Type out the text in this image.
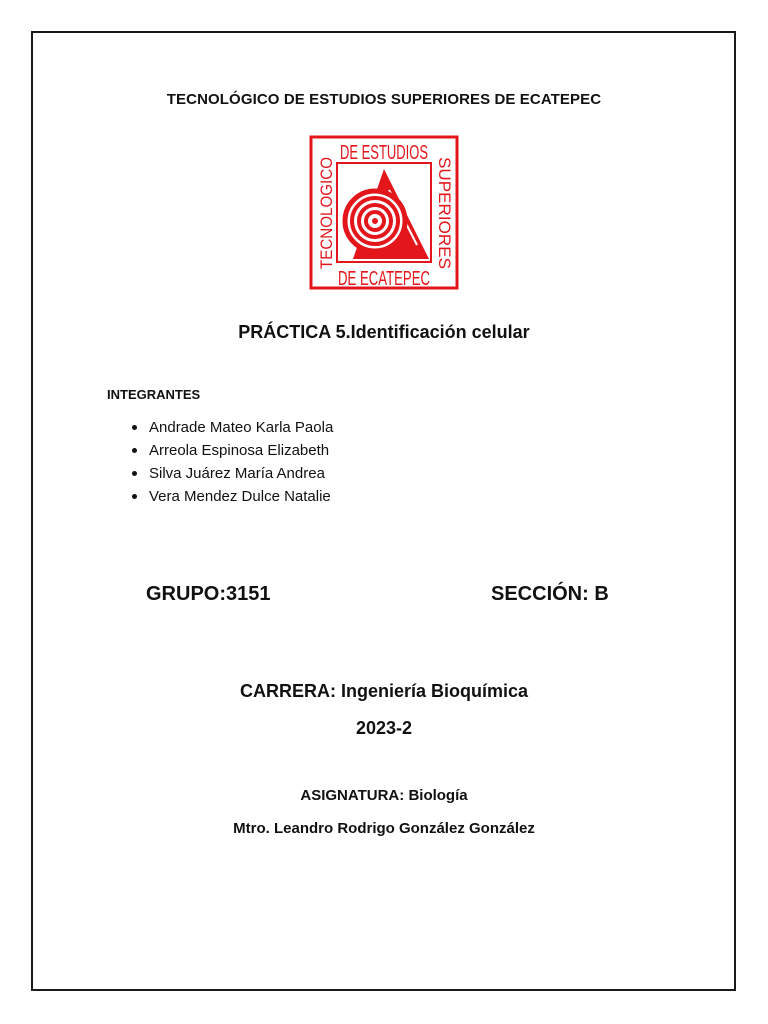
TECNOLÓGICO DE ESTUDIOS SUPERIORES DE ECATEPEC
DE ESTUDIOS
DE ECATEPEC
TECNOLOGICO	SUPERIORES
PRÁCTICA 5.Identificación celular
INTEGRANTES
Andrade Mateo Karla Paola
Arreola Espinosa Elizabeth
Silva Juárez María Andrea
Vera Mendez Dulce Natalie
GRUPO:3151	SECCIÓN: B
CARRERA: Ingeniería Bioquímica
2023-2
ASIGNATURA: Biología
Mtro. Leandro Rodrigo González González
